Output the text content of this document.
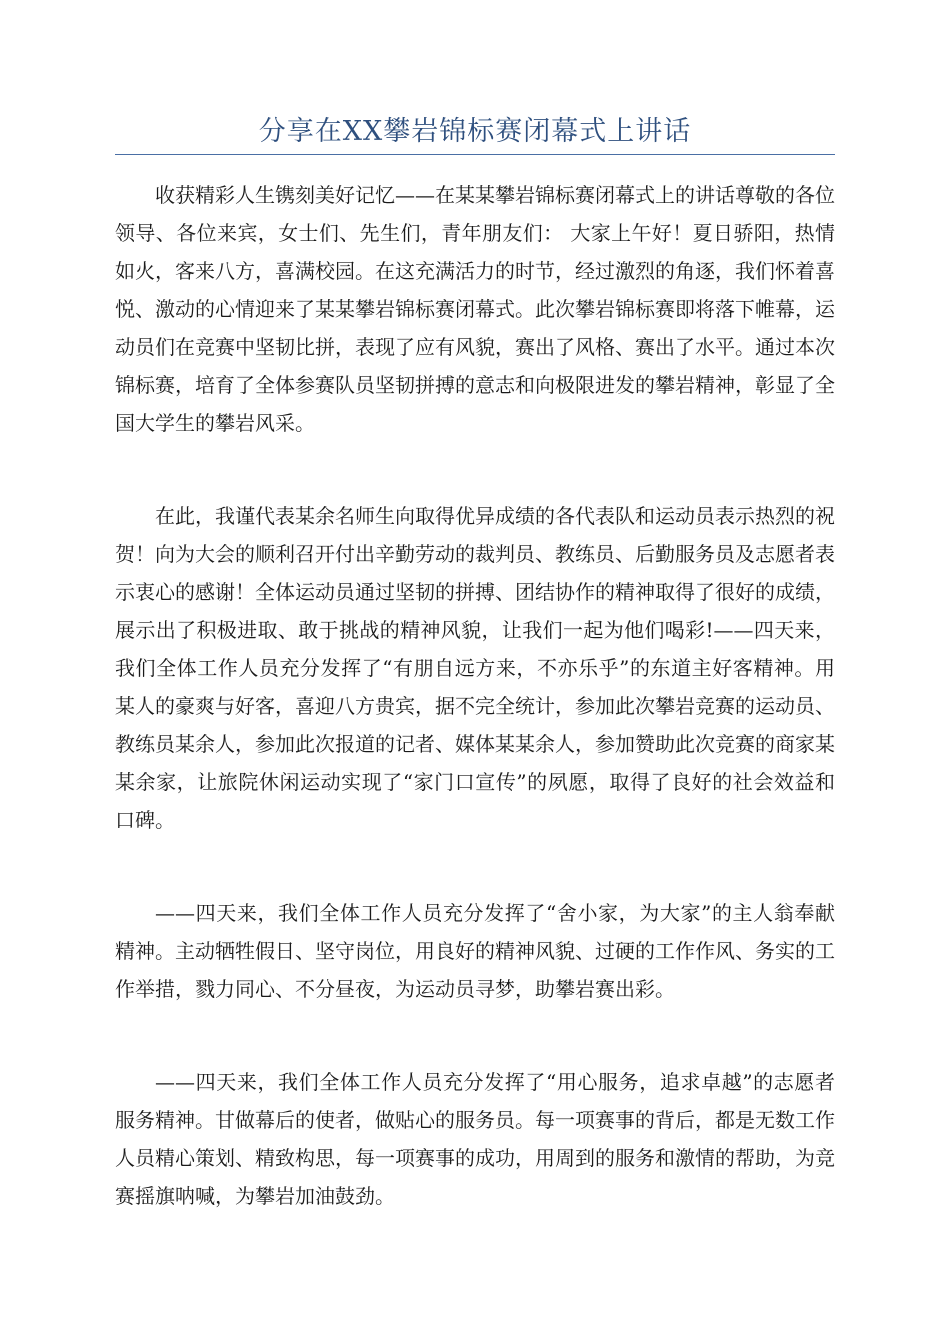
分享在XX攀岩锦标赛闭幕式上讲话

收获精彩人生镌刻美好记忆——在某某攀岩锦标赛闭幕式上的讲话尊敬的各位领导、各位来宾，女士们、先生们，青年朋友们： 大家上午好！夏日骄阳，热情如火，客来八方，喜满校园。在这充满活力的时节，经过激烈的角逐，我们怀着喜悦、激动的心情迎来了某某攀岩锦标赛闭幕式。此次攀岩锦标赛即将落下帷幕，运动员们在竞赛中坚韧比拼，表现了应有风貌，赛出了风格、赛出了水平。通过本次锦标赛，培育了全体参赛队员坚韧拼搏的意志和向极限进发的攀岩精神，彰显了全国大学生的攀岩风采。

在此，我谨代表某余名师生向取得优异成绩的各代表队和运动员表示热烈的祝贺！向为大会的顺利召开付出辛勤劳动的裁判员、教练员、后勤服务员及志愿者表示衷心的感谢！全体运动员通过坚韧的拼搏、团结协作的精神取得了很好的成绩，展示出了积极进取、敢于挑战的精神风貌，让我们一起为他们喝彩!——四天来，我们全体工作人员充分发挥了“有朋自远方来，不亦乐乎”的东道主好客精神。用某人的豪爽与好客，喜迎八方贵宾，据不完全统计，参加此次攀岩竞赛的运动员、教练员某余人，参加此次报道的记者、媒体某某余人，参加赞助此次竞赛的商家某某余家，让旅院休闲运动实现了“家门口宣传”的夙愿，取得了良好的社会效益和口碑。

——四天来，我们全体工作人员充分发挥了“舍小家，为大家”的主人翁奉献精神。主动牺牲假日、坚守岗位，用良好的精神风貌、过硬的工作作风、务实的工作举措，戮力同心、不分昼夜，为运动员寻梦，助攀岩赛出彩。

——四天来，我们全体工作人员充分发挥了“用心服务，追求卓越”的志愿者服务精神。甘做幕后的使者，做贴心的服务员。每一项赛事的背后，都是无数工作人员精心策划、精致构思，每一项赛事的成功，用周到的服务和激情的帮助，为竞赛摇旗呐喊，为攀岩加油鼓劲。
